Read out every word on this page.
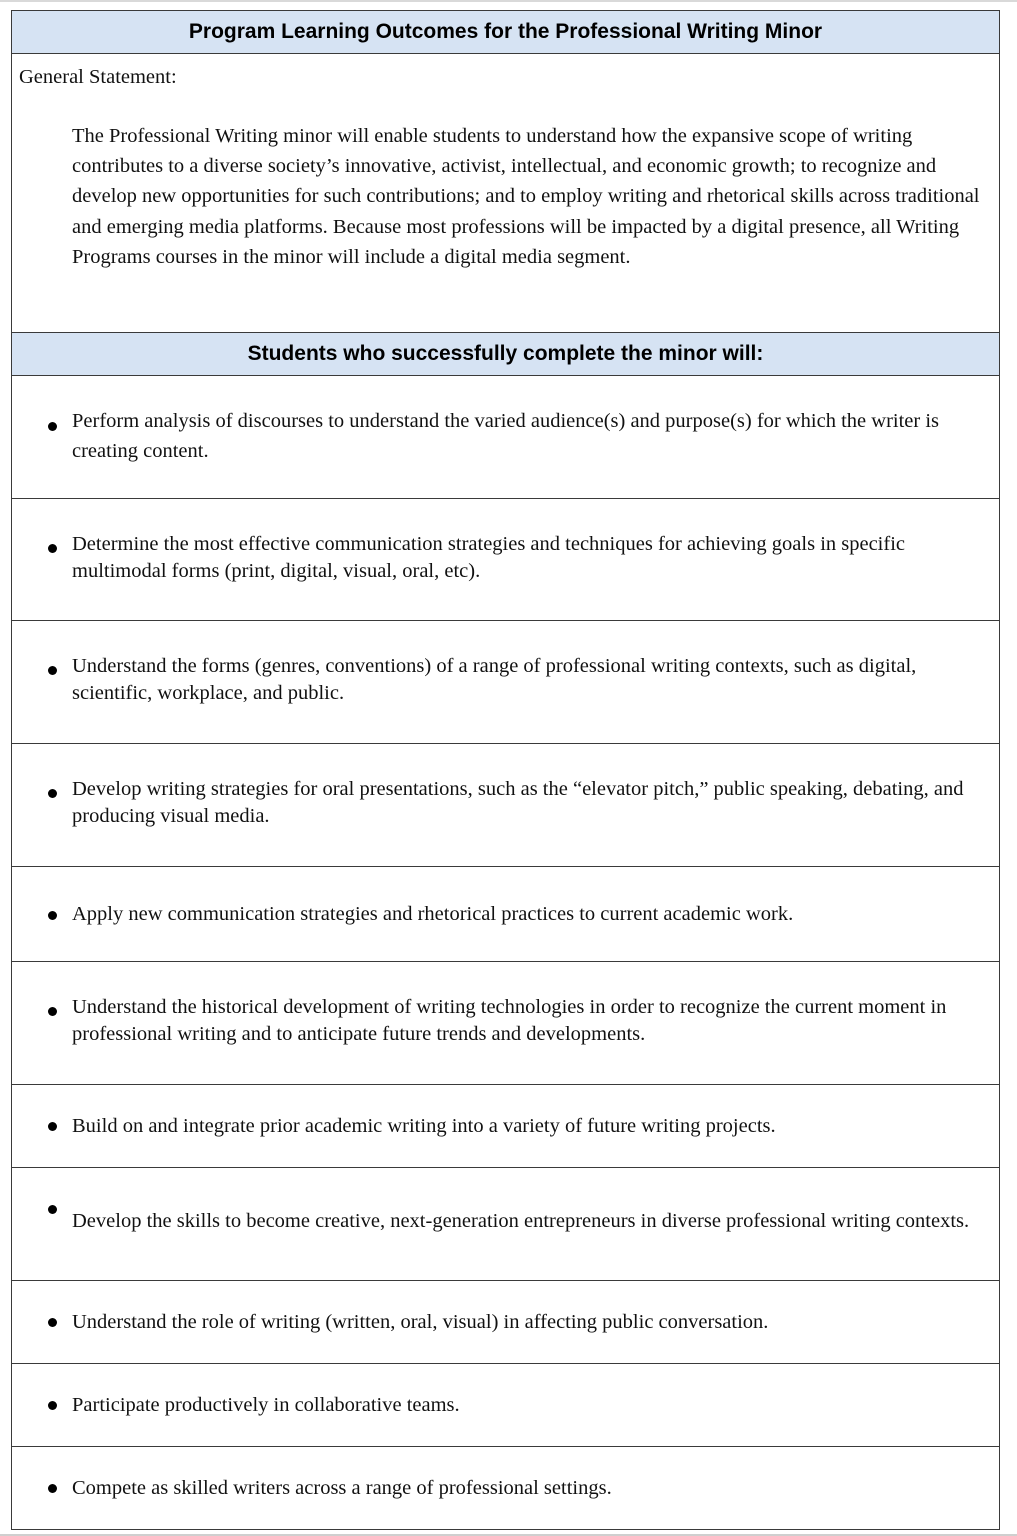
Program Learning Outcomes for the Professional Writing Minor

General Statement:
The Professional Writing minor will enable students to understand how the expansive scope of writing contributes to a diverse society’s innovative, activist, intellectual, and economic growth; to recognize and develop new opportunities for such contributions; and to employ writing and rhetorical skills across traditional and emerging media platforms. Because most professions will be impacted by a digital presence, all Writing Programs courses in the minor will include a digital media segment.

Students who successfully complete the minor will:

Perform analysis of discourses to understand the varied audience(s) and purpose(s) for which the writer is creating content.

Determine the most effective communication strategies and techniques for achieving goals in specific multimodal forms (print, digital, visual, oral, etc).

Understand the forms (genres, conventions) of a range of professional writing contexts, such as digital, scientific, workplace, and public.

Develop writing strategies for oral presentations, such as the “elevator pitch,” public speaking, debating, and producing visual media.

Apply new communication strategies and rhetorical practices to current academic work.

Understand the historical development of writing technologies in order to recognize the current moment in professional writing and to anticipate future trends and developments.

Build on and integrate prior academic writing into a variety of future writing projects.

Develop the skills to become creative, next-generation entrepreneurs in diverse professional writing contexts.

Understand the role of writing (written, oral, visual) in affecting public conversation.

Participate productively in collaborative teams.

Compete as skilled writers across a range of professional settings.
